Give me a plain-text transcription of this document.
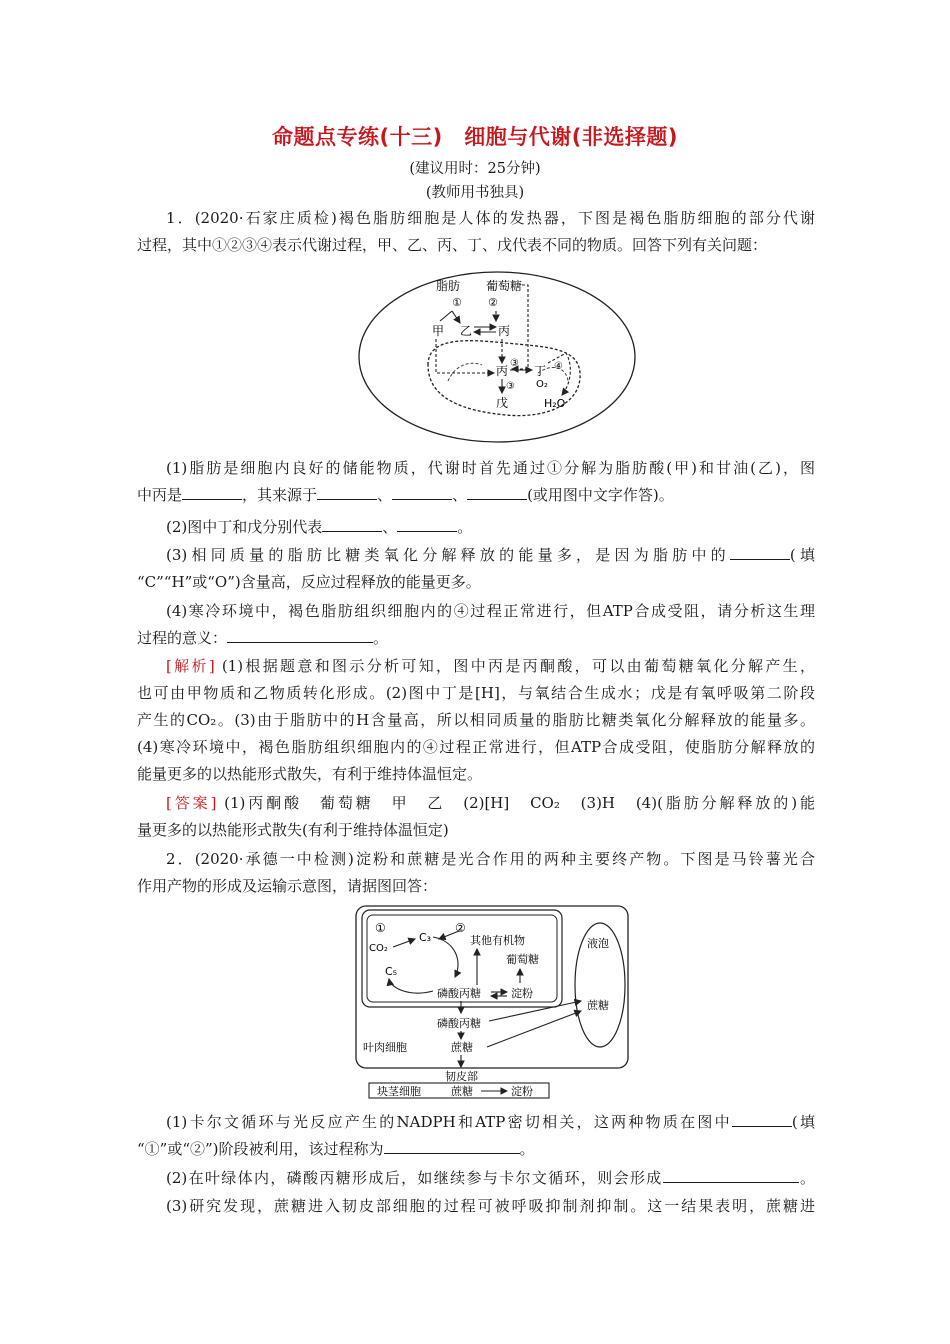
命题点专练(十三)　细胞与代谢(非选择题)
(建议用时：25分钟)
(教师用书独具)
1．(2020·石家庄质检)褐色脂肪细胞是人体的发热器，下图是褐色脂肪细胞的部分代谢
过程，其中①②③④表示代谢过程，甲、乙、丙、丁、戊代表不同的物质。回答下列有关问题：
脂肪 葡萄糖
① ②
甲 乙 丙
丙
③
丁
O₂
④
③
戊	H₂O
(1)脂肪是细胞内良好的储能物质，代谢时首先通过①分解为脂肪酸(甲)和甘油(乙)，图
中丙是	，其来源于	、	、	(或用图中文字作答)。
(2)图中丁和戊分别代表	、	。
(3)相同质量的脂肪比糖类氧化分解释放的能量多，是因为脂肪中的	(填
“C”“H”或“O”)含量高，反应过程释放的能量更多。
(4)寒冷环境中，褐色脂肪组织细胞内的④过程正常进行，但ATP合成受阻，请分析这生理
过程的意义：	。
[解析] (1)根据题意和图示分析可知，图中丙是丙酮酸，可以由葡萄糖氧化分解产生，
也可由甲物质和乙物质转化形成。(2)图中丁是[H]，与氧结合生成水；戊是有氧呼吸第二阶段
产生的CO₂。(3)由于脂肪中的H含量高，所以相同质量的脂肪比糖类氧化分解释放的能量多。
(4)寒冷环境中，褐色脂肪组织细胞内的④过程正常进行，但ATP合成受阻，使脂肪分解释放的
能量更多的以热能形式散失，有利于维持体温恒定。
[答案] (1)丙酮酸　葡萄糖　甲　乙　(2)[H]　CO₂　(3)H　(4)(脂肪分解释放的)能
量更多的以热能形式散失(有利于维持体温恒定)
2．(2020·承德一中检测)淀粉和蔗糖是光合作用的两种主要终产物。下图是马铃薯光合
作用产物的形成及运输示意图，请据图回答：
①	②
CO₂
C₃
C₅
其他有机物
葡萄糖
磷酸丙糖	淀粉
液泡
蔗糖
磷酸丙糖
蔗糖
叶肉细胞
韧皮部
块茎细胞	蔗糖	淀粉
(1)卡尔文循环与光反应产生的NADPH和ATP密切相关，这两种物质在图中	(填
“①”或“②”)阶段被利用，该过程称为	。
(2)在叶绿体内，磷酸丙糖形成后，如继续参与卡尔文循环，则会形成	。
(3)研究发现，蔗糖进入韧皮部细胞的过程可被呼吸抑制剂抑制。这一结果表明，蔗糖进
